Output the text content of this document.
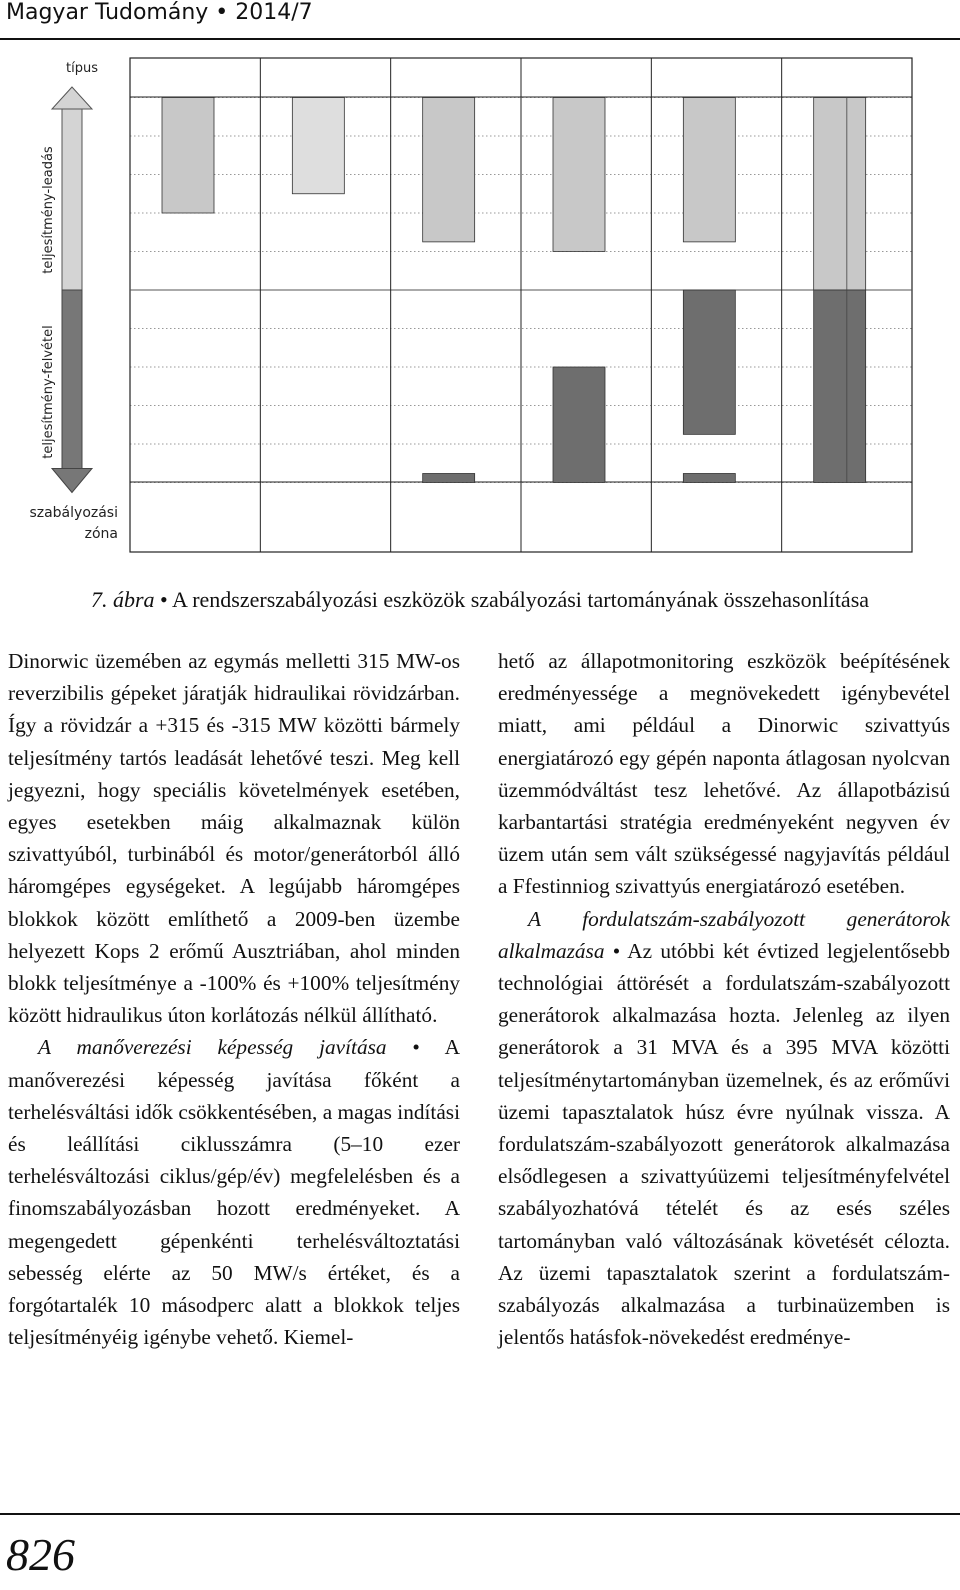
Magyar Tudomány • 2014/7
típus
teljesítmény-leadás
teljesítmény-felvétel
szabályozási
zóna
7. ábra • A rendszerszabályozási eszközök szabályozási tartományának összehasonlítása

Dinorwic üzemében az egymás melletti 315 MW-os reverzibilis gépeket járatják hidraulikai rövidzárban. Így a rövidzár a +315 és -315 MW közötti bármely teljesítmény tartós leadását lehetővé teszi. Meg kell jegyezni, hogy speciális követelmények esetében, egyes esetekben máig alkalmaznak külön szivattyúból, turbinából és motor/generátorból álló háromgépes egységeket. A legújabb háromgépes blokkok között említhető a 2009-ben üzembe helyezett Kops 2 erőmű Ausztriában, ahol minden blokk teljesítménye a -100% és +100% teljesítmény között hidraulikus úton korlátozás nélkül állítható.

A manőverezési képesség javítása • A manőverezési képesség javítása főként a terhelésváltási idők csökkentésében, a magas indítási és leállítási ciklusszámra (5–10 ezer terhelésváltozási ciklus/gép/év) megfelelésben és a finomszabályozásban hozott eredményeket. A megengedett gépenkénti terhelésváltoztatási sebesség elérte az 50 MW/s értéket, és a forgótartalék 10 másodperc alatt a blokkok teljes teljesítményéig igénybe vehető. Kiemel-

hető az állapotmonitoring eszközök beépítésének eredményessége a megnövekedett igénybevétel miatt, ami például a Dinorwic szivattyús energiatározó egy gépén naponta átlagosan nyolcvan üzemmódváltást tesz lehetővé. Az állapotbázisú karbantartási stratégia eredményeként negyven év üzem után sem vált szükségessé nagyjavítás például a Ffestinniog szivattyús energiatározó esetében.

A fordulatszám-szabályozott generátorok alkalmazása • Az utóbbi két évtized legjelentősebb technológiai áttörését a fordulatszám-szabályozott generátorok alkalmazása hozta. Jelenleg az ilyen generátorok a 31 MVA és a 395 MVA közötti teljesítménytartományban üzemelnek, és az erőművi üzemi tapasztalatok húsz évre nyúlnak vissza. A fordulatszám-szabályozott generátorok alkalmazása elsődlegesen a szivattyúüzemi teljesítményfelvétel szabályozhatóvá tételét és az esés széles tartományban való változásának követését célozta. Az üzemi tapasztalatok szerint a fordulatszám-szabályozás alkalmazása a turbinaüzemben is jelentős hatásfok-növekedést eredménye-

826
